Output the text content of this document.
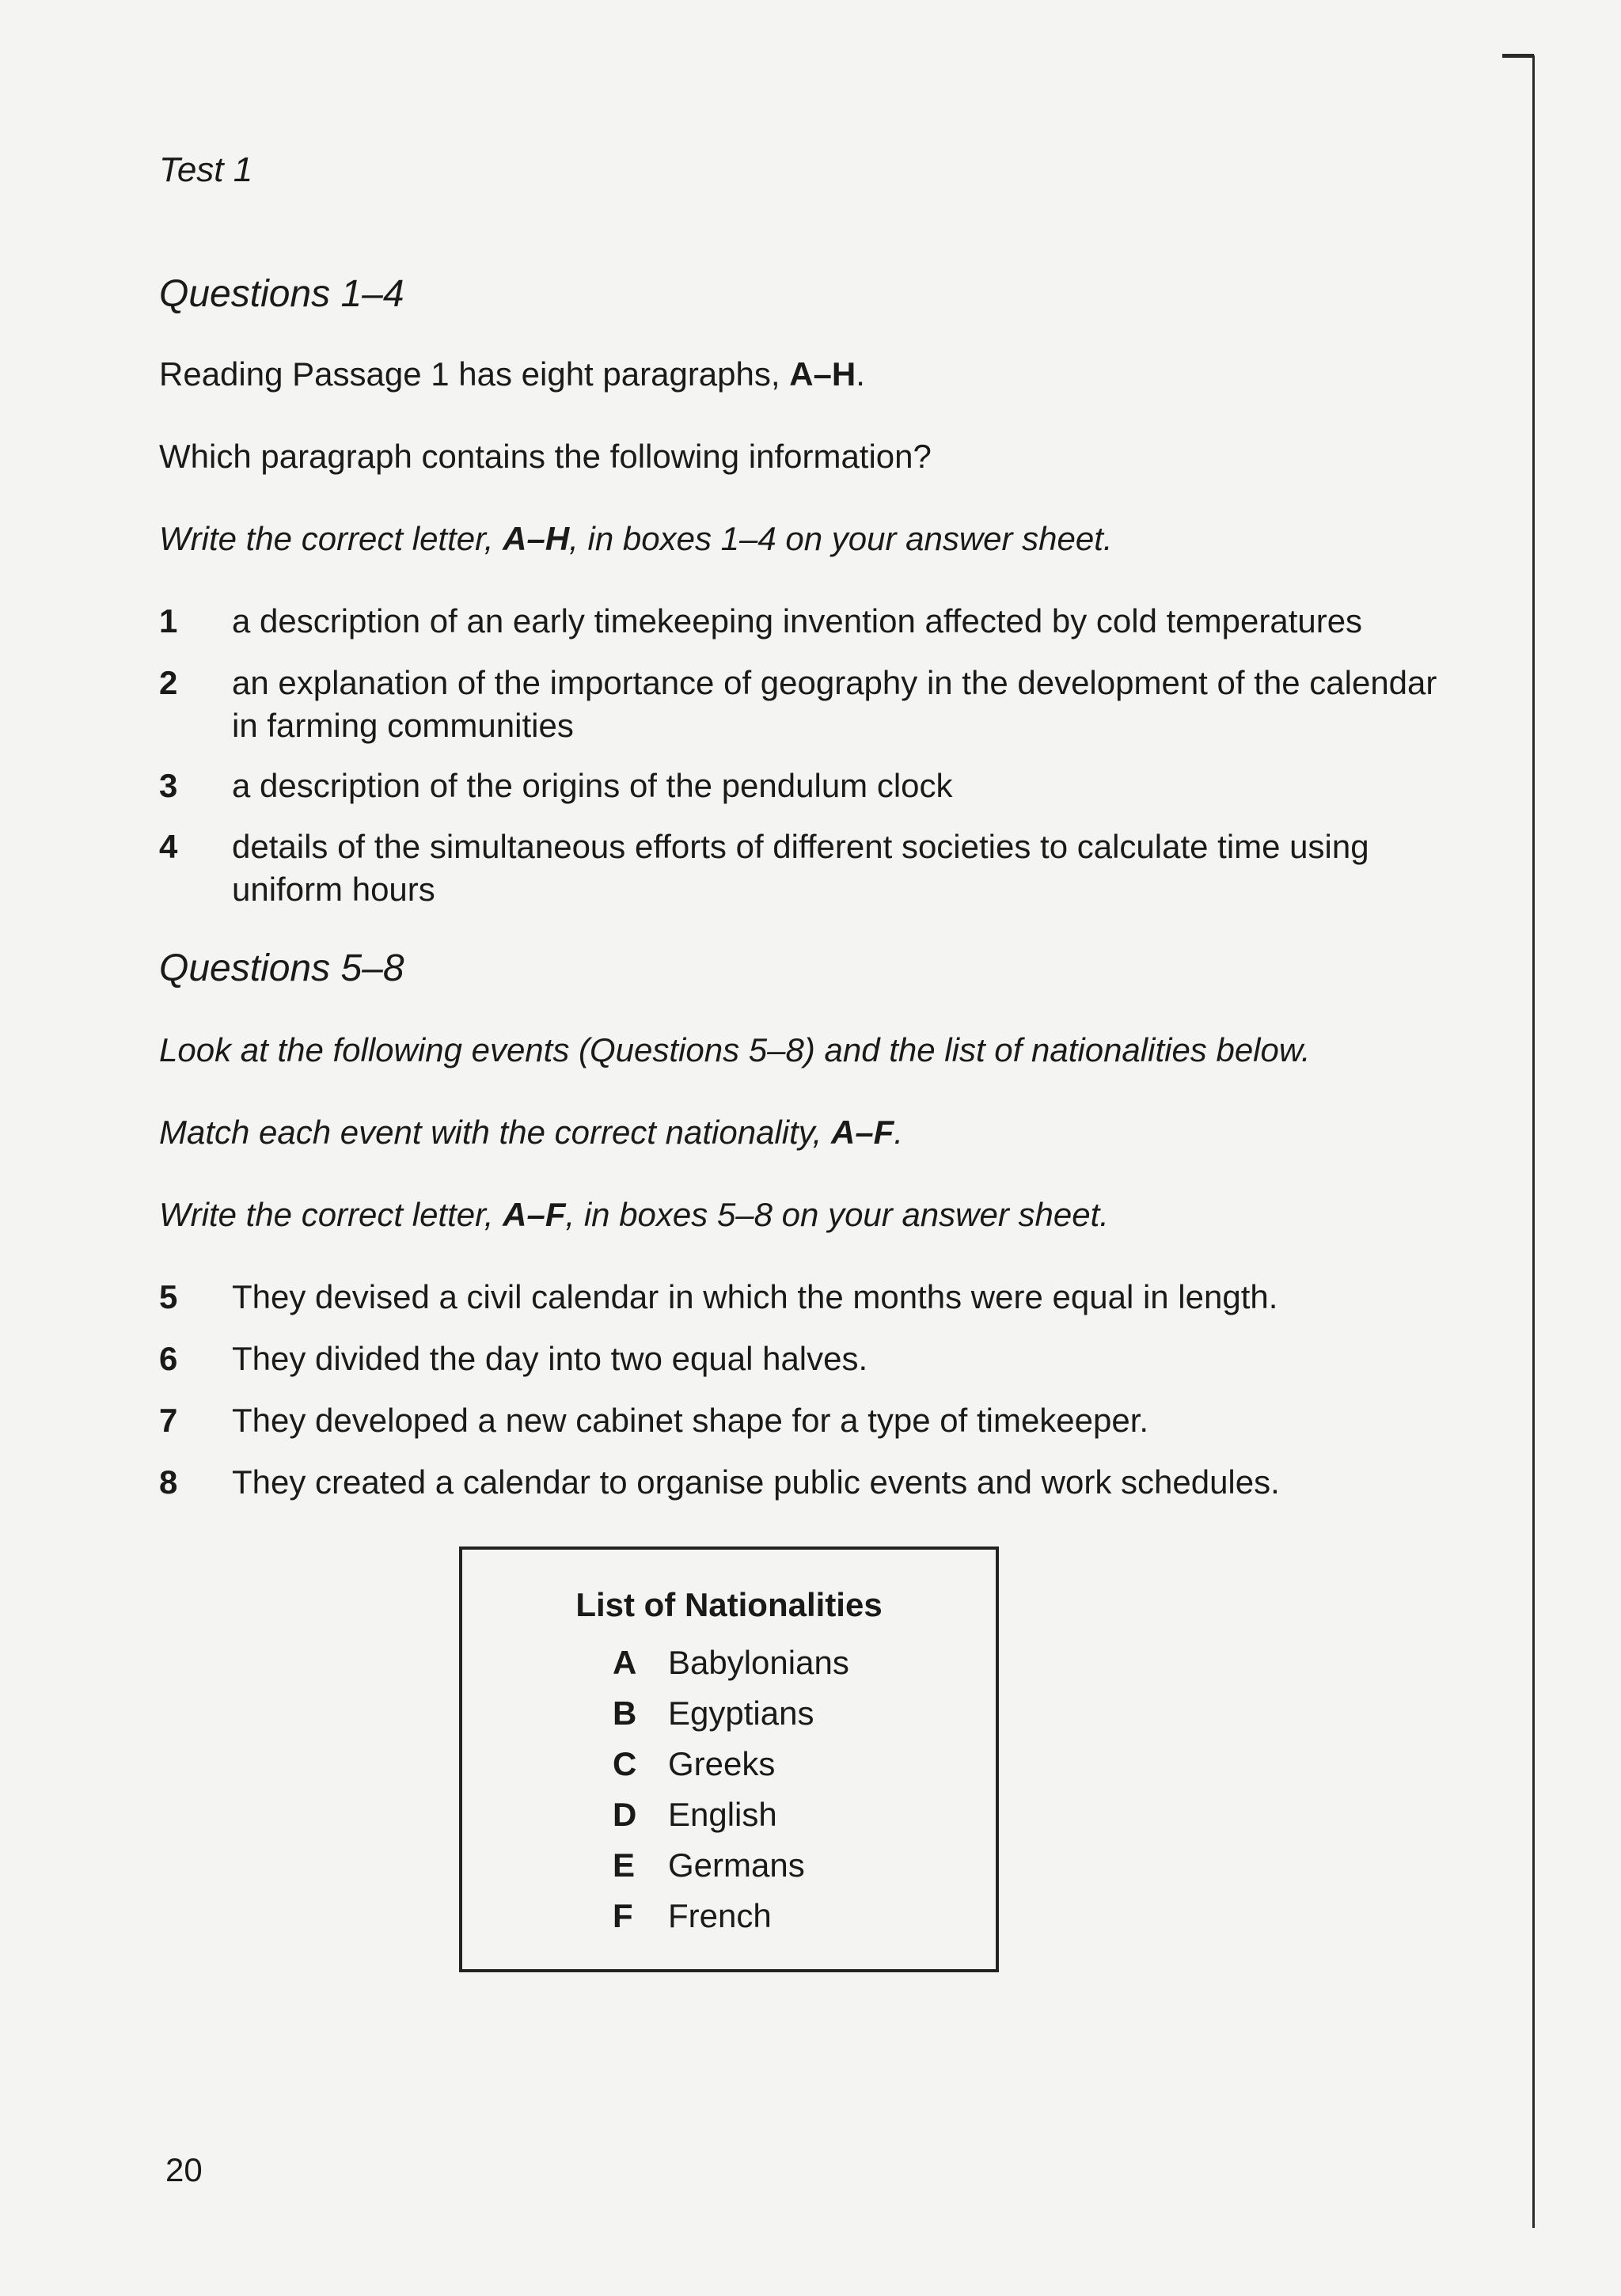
Test 1
Questions 1–4
Reading Passage 1 has eight paragraphs, A–H.
Which paragraph contains the following information?
Write the correct letter, A–H, in boxes 1–4 on your answer sheet.
1 a description of an early timekeeping invention affected by cold temperatures
2 an explanation of the importance of geography in the development of the calendar in farming communities
3 a description of the origins of the pendulum clock
4 details of the simultaneous efforts of different societies to calculate time using uniform hours
Questions 5–8
Look at the following events (Questions 5–8) and the list of nationalities below.
Match each event with the correct nationality, A–F.
Write the correct letter, A–F, in boxes 5–8 on your answer sheet.
5 They devised a civil calendar in which the months were equal in length.
6 They divided the day into two equal halves.
7 They developed a new cabinet shape for a type of timekeeper.
8 They created a calendar to organise public events and work schedules.
List of Nationalities
A Babylonians
B Egyptians
C Greeks
D English
E Germans
F French
20
